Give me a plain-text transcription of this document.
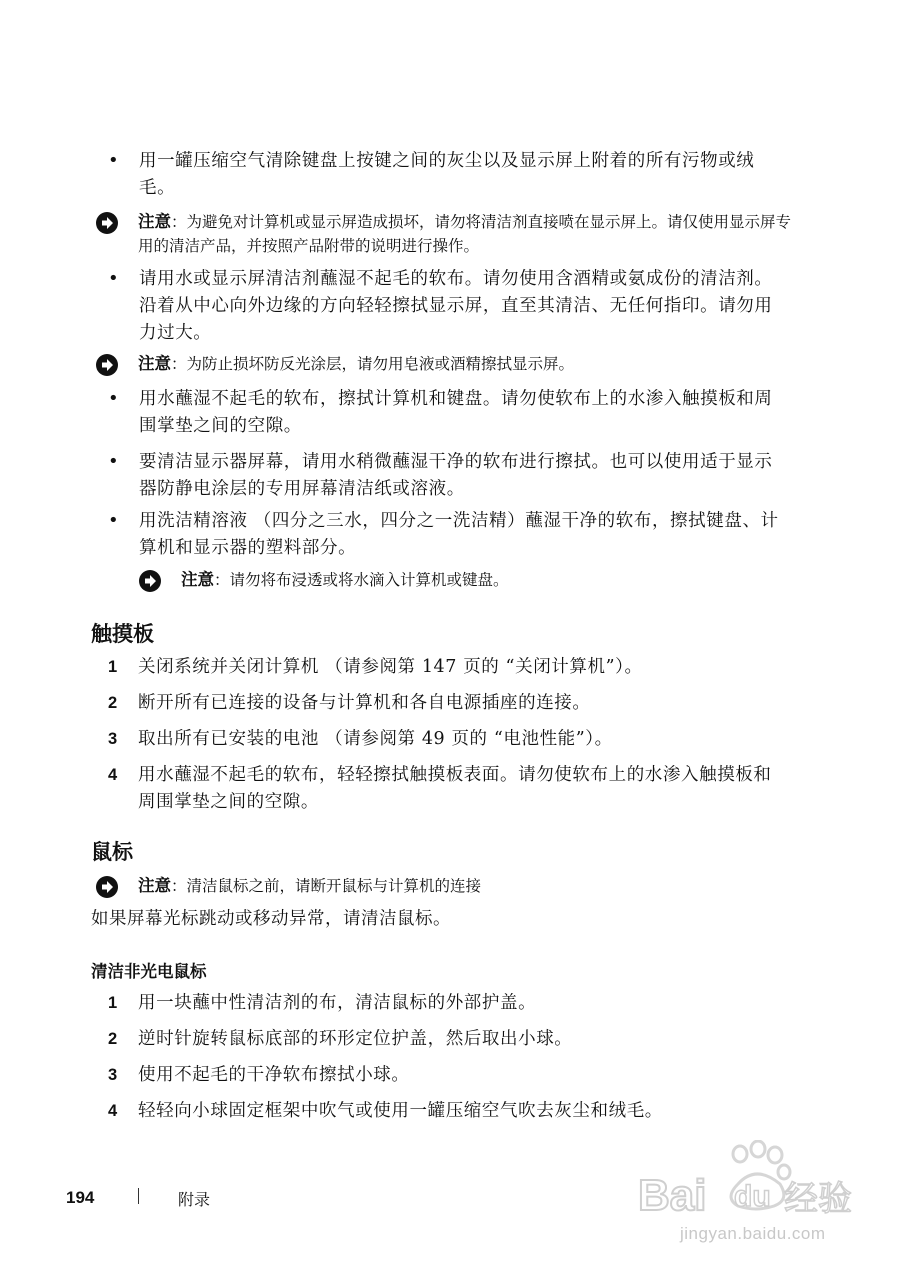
• 用一罐压缩空气清除键盘上按键之间的灰尘以及显示屏上附着的所有污物或绒毛。
注意：为避免对计算机或显示屏造成损坏，请勿将清洁剂直接喷在显示屏上。请仅使用显示屏专用的清洁产品，并按照产品附带的说明进行操作。
• 请用水或显示屏清洁剂蘸湿不起毛的软布。请勿使用含酒精或氨成份的清洁剂。沿着从中心向外边缘的方向轻轻擦拭显示屏，直至其清洁、无任何指印。请勿用力过大。
注意：为防止损坏防反光涂层，请勿用皂液或酒精擦拭显示屏。
• 用水蘸湿不起毛的软布，擦拭计算机和键盘。请勿使软布上的水渗入触摸板和周围掌垫之间的空隙。
• 要清洁显示器屏幕，请用水稍微蘸湿干净的软布进行擦拭。也可以使用适于显示器防静电涂层的专用屏幕清洁纸或溶液。
• 用洗洁精溶液 （四分之三水，四分之一洗洁精）蘸湿干净的软布，擦拭键盘、计算机和显示器的塑料部分。
注意：请勿将布浸透或将水滴入计算机或键盘。
触摸板
1 关闭系统并关闭计算机 （请参阅第 147 页的 “关闭计算机”）。
2 断开所有已连接的设备与计算机和各自电源插座的连接。
3 取出所有已安装的电池 （请参阅第 49 页的 “电池性能”）。
4 用水蘸湿不起毛的软布，轻轻擦拭触摸板表面。请勿使软布上的水渗入触摸板和周围掌垫之间的空隙。
鼠标
注意：清洁鼠标之前，请断开鼠标与计算机的连接
如果屏幕光标跳动或移动异常，请清洁鼠标。
清洁非光电鼠标
1 用一块蘸中性清洁剂的布，清洁鼠标的外部护盖。
2 逆时针旋转鼠标底部的环形定位护盖，然后取出小球。
3 使用不起毛的干净软布擦拭小球。
4 轻轻向小球固定框架中吹气或使用一罐压缩空气吹去灰尘和绒毛。
194	附录	Bai du 经验
jingyan.baidu.com
